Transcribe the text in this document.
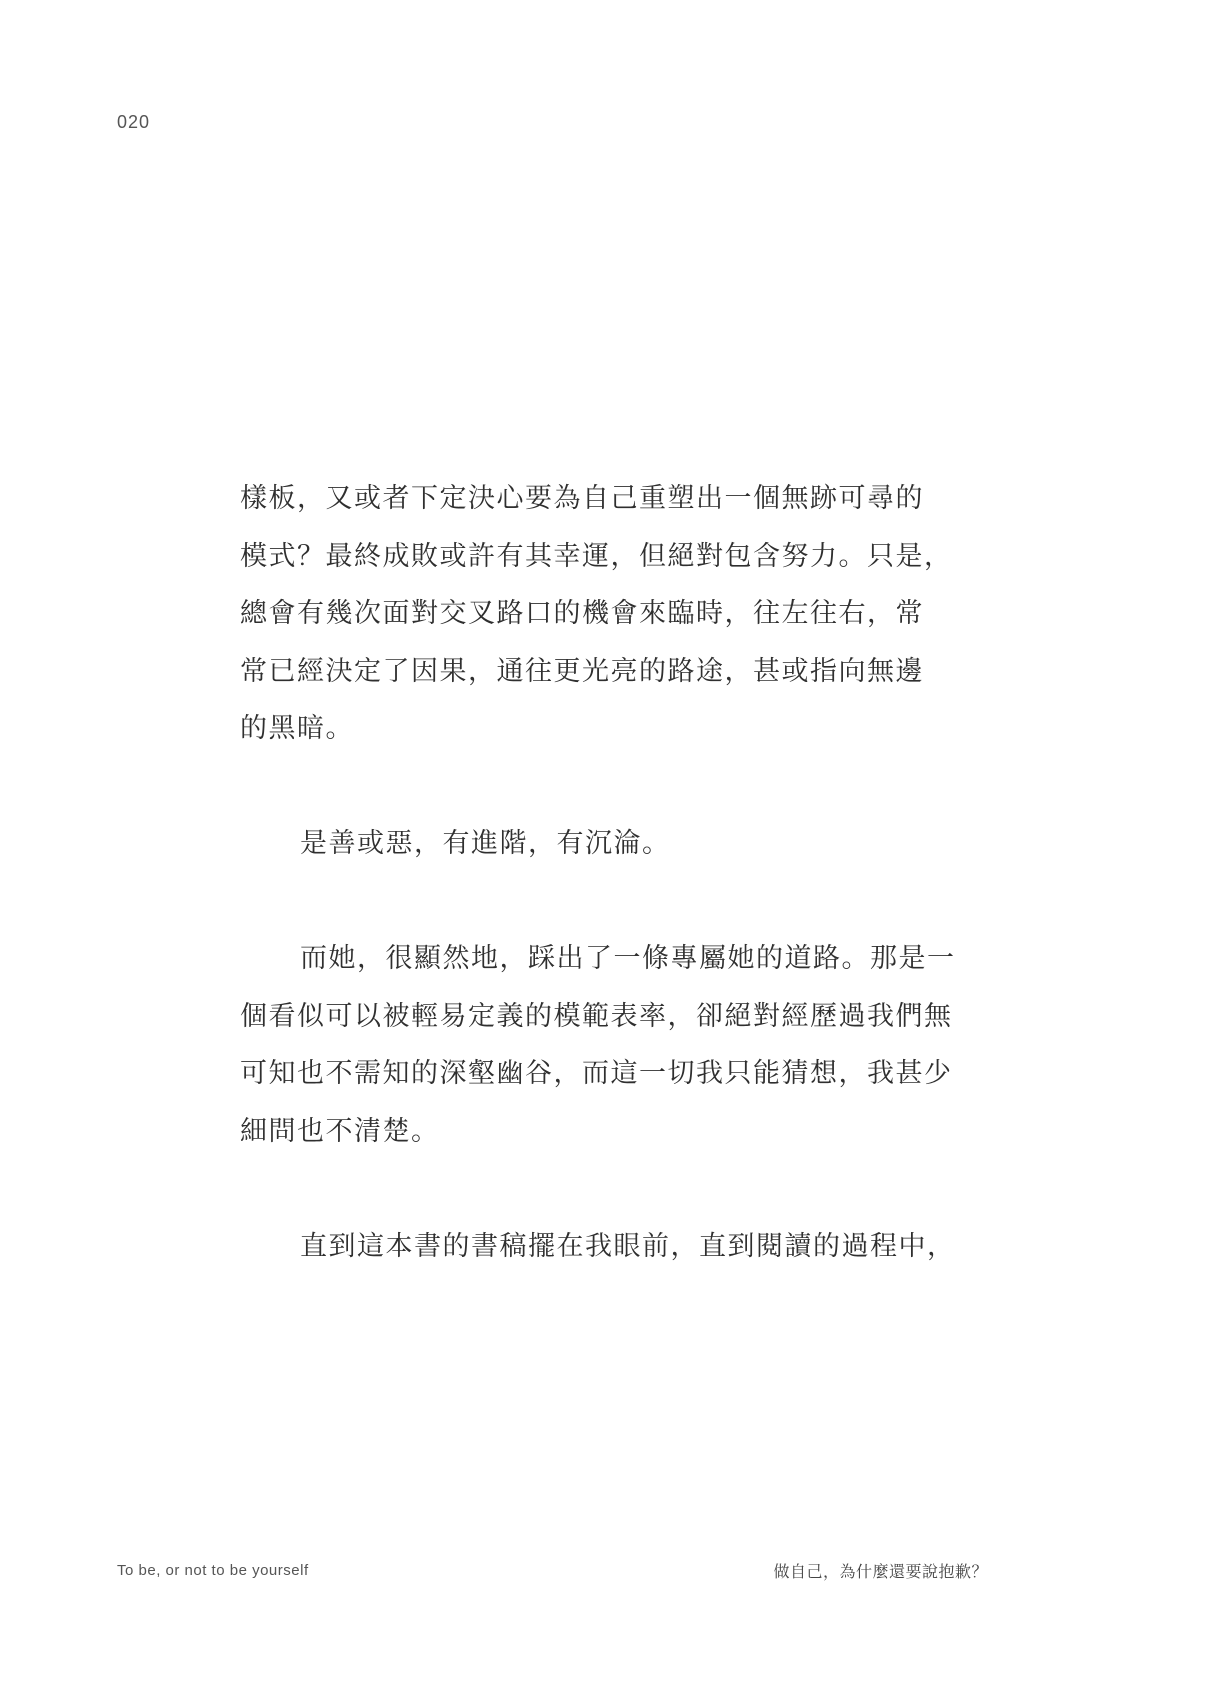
020
樣板，又或者下定決心要為自己重塑出一個無跡可尋的
模式？最終成敗或許有其幸運，但絕對包含努力。只是，
總會有幾次面對交叉路口的機會來臨時，往左往右，常
常已經決定了因果，通往更光亮的路途，甚或指向無邊
的黑暗。
是善或惡，有進階，有沉淪。
而她，很顯然地，踩出了一條專屬她的道路。那是一
個看似可以被輕易定義的模範表率，卻絕對經歷過我們無
可知也不需知的深壑幽谷，而這一切我只能猜想，我甚少
細問也不清楚。
直到這本書的書稿擺在我眼前，直到閱讀的過程中，
To be, or not to be yourself	做自己，為什麼還要說抱歉？
